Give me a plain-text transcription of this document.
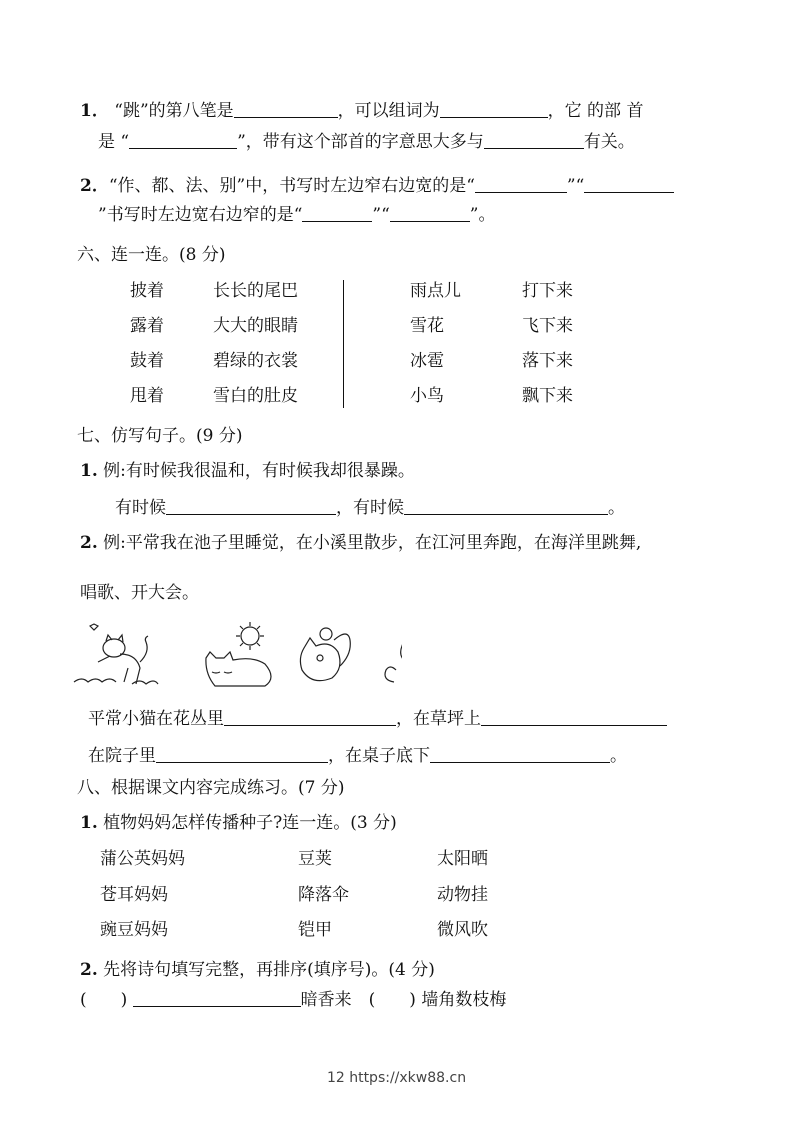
1． “跳”的第八笔是	，可以组词为	，它 的部 首
是 “	”，带有这个部首的字意思大多与	有关。
2．“作、都、法、别”中，书写时左边窄右边宽的是“	”“
”书写时左边宽右边窄的是“	”“	”。
六、连一连。(8 分)
披着	长长的尾巴
露着	大大的眼睛
鼓着	碧绿的衣裳
甩着	雪白的肚皮
雨点儿	打下来
雪花	飞下来
冰雹	落下来
小鸟	飘下来
七、仿写句子。(9 分)
1. 例:有时候我很温和，有时候我却很暴躁。
有时候	，有时候	。
2. 例:平常我在池子里睡觉，在小溪里散步，在江河里奔跑，在海洋里跳舞,
唱歌、开大会。
平常小猫在花丛里	，在草坪上
在院子里	，在桌子底下	。
八、根据课文内容完成练习。(7 分)
1. 植物妈妈怎样传播种子?连一连。(3 分)
蒲公英妈妈	豆荚	太阳晒
苍耳妈妈	降落伞	动物挂
豌豆妈妈	铠甲	微风吹
2. 先将诗句填写完整，再排序(填序号)。(4 分)
(　　)	暗香来　 (　　) 墙角数枝梅
12 https://xkw88.cn
